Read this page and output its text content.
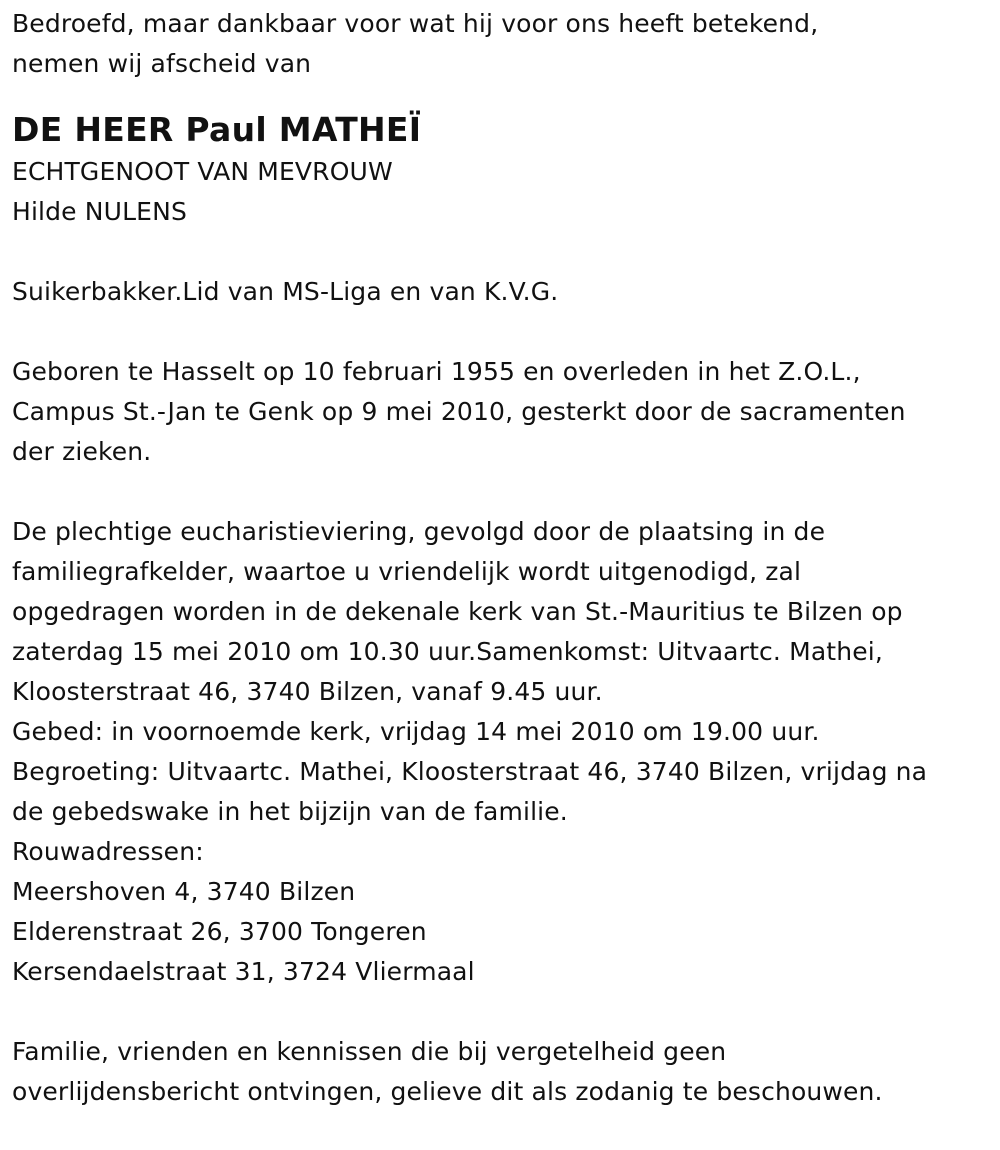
Bedroefd, maar dankbaar voor wat hij voor ons heeft betekend,
nemen wij afscheid van
DE HEER Paul MATHEÏ
ECHTGENOOT VAN MEVROUW
Hilde NULENS
Suikerbakker.Lid van MS-Liga en van K.V.G.
Geboren te Hasselt op 10 februari 1955 en overleden in het Z.O.L.,
Campus St.-Jan te Genk op 9 mei 2010, gesterkt door de sacramenten
der zieken.
De plechtige eucharistieviering, gevolgd door de plaatsing in de
familiegrafkelder, waartoe u vriendelijk wordt uitgenodigd, zal
opgedragen worden in de dekenale kerk van St.-Mauritius te Bilzen op
zaterdag 15 mei 2010 om 10.30 uur.Samenkomst: Uitvaartc. Mathei,
Kloosterstraat 46, 3740 Bilzen, vanaf 9.45 uur.
Gebed: in voornoemde kerk, vrijdag 14 mei 2010 om 19.00 uur.
Begroeting: Uitvaartc. Mathei, Kloosterstraat 46, 3740 Bilzen, vrijdag na
de gebedswake in het bijzijn van de familie.
Rouwadressen:
Meershoven 4, 3740 Bilzen
Elderenstraat 26, 3700 Tongeren
Kersendaelstraat 31, 3724 Vliermaal
Familie, vrienden en kennissen die bij vergetelheid geen
overlijdensbericht ontvingen, gelieve dit als zodanig te beschouwen.
